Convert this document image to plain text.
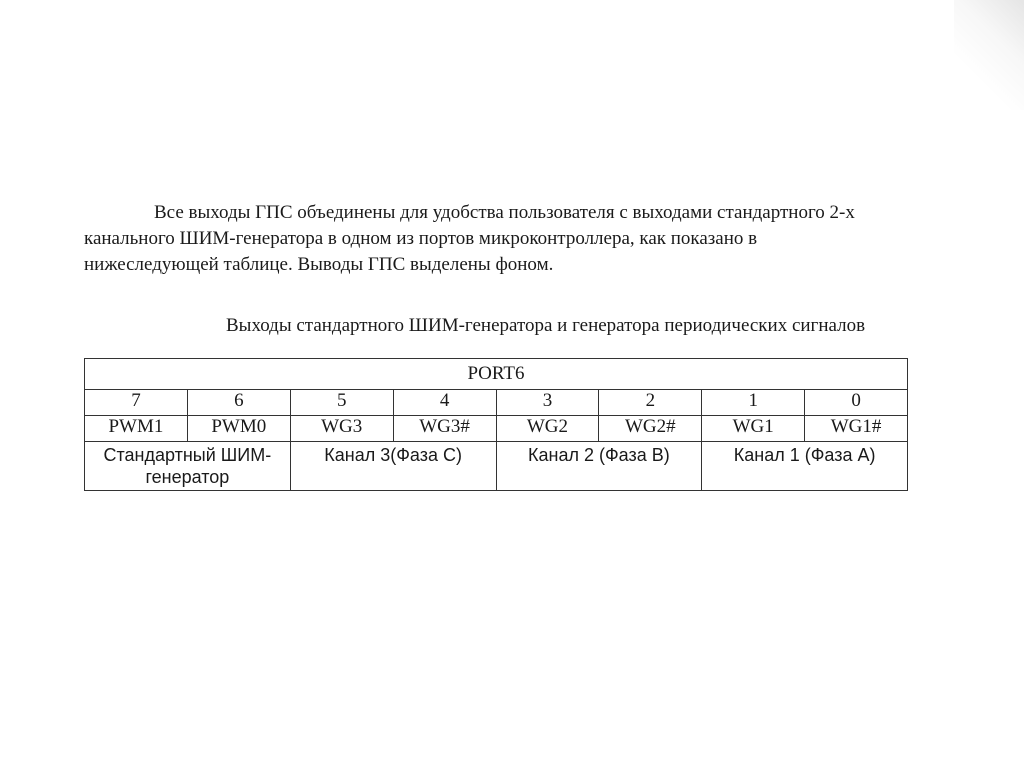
Все выходы ГПС объединены для удобства пользователя с выходами стандартного 2-х
канального ШИМ-генератора в одном из портов микроконтроллера, как показано в
нижеследующей таблице. Выводы ГПС выделены фоном.

Выходы стандартного ШИМ-генератора и генератора периодических сигналов

PORT6							
7	6	5	4	3	2	1	0
PWM1	PWM0	WG3	WG3#	WG2	WG2#	WG1	WG1#
Стандартный ШИМ-генератор		Канал 3(Фаза С)		Канал 2 (Фаза В)		Канал 1 (Фаза А)	
